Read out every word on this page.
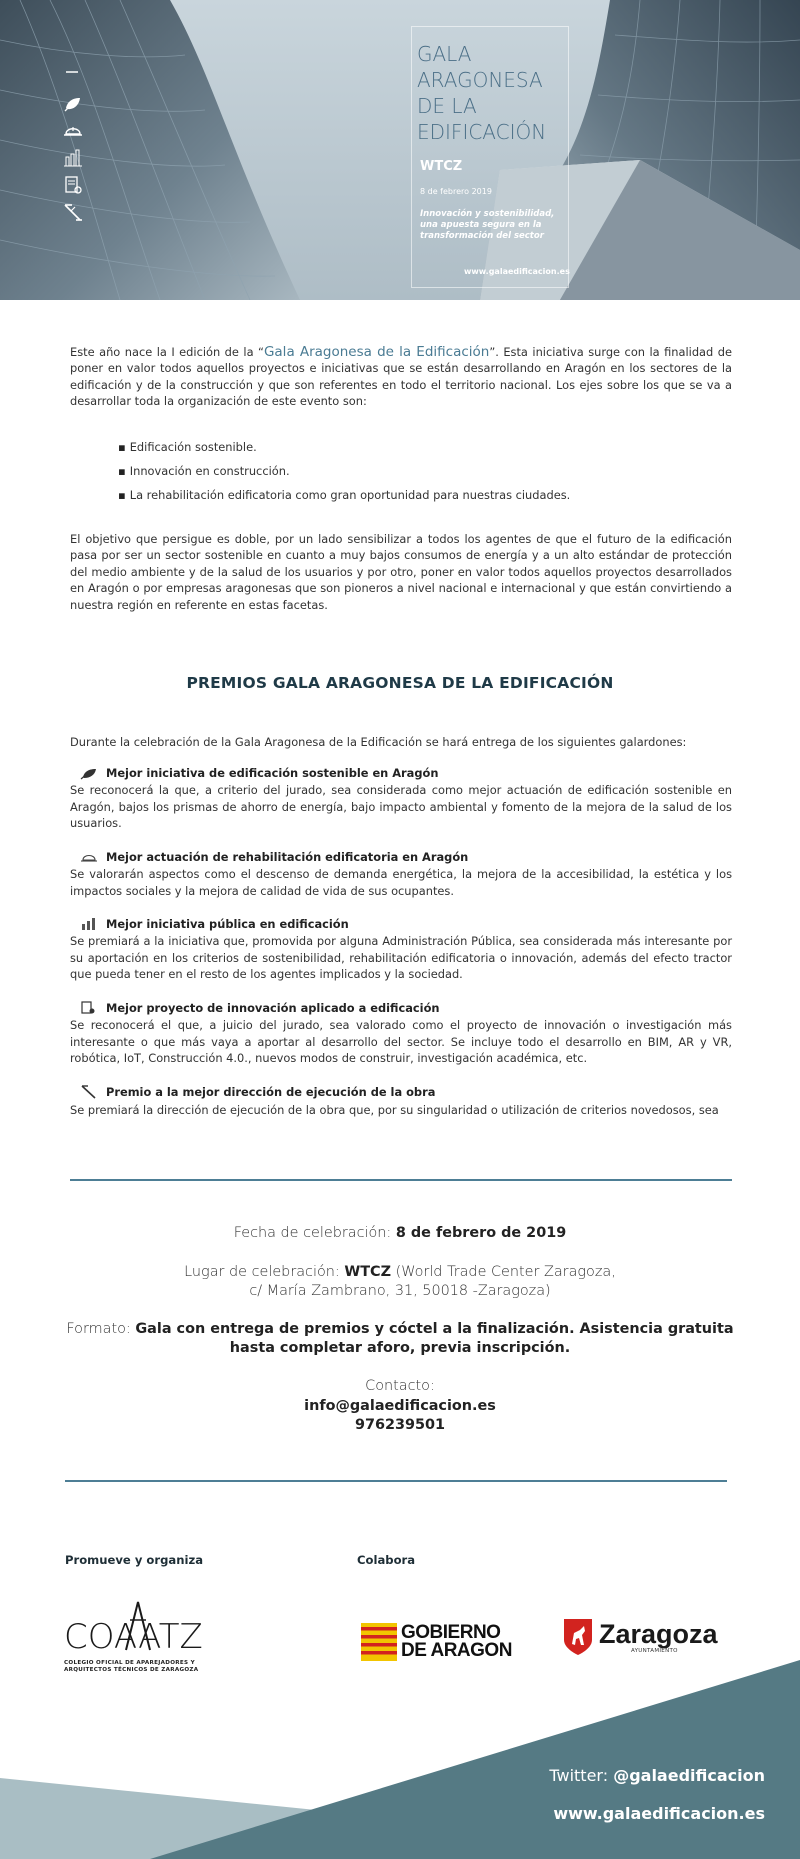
GALA ARAGONESA DE LA EDIFICACIÓN
WTCZ
8 de febrero 2019
Innovación y sostenibilidad, una apuesta segura en la transformación del sector
www.galaedificacion.es
Este año nace la I edición de la “Gala Aragonesa de la Edificación”. Esta iniciativa surge con la finalidad de poner en valor todos aquellos proyectos e iniciativas que se están desarrollando en Aragón en los sectores de la edificación y de la construcción y que son referentes en todo el territorio nacional. Los ejes sobre los que se va a desarrollar toda la organización de este evento son:
▪ Edificación sostenible.
▪ Innovación en construcción.
▪ La rehabilitación edificatoria como gran oportunidad para nuestras ciudades.
El objetivo que persigue es doble, por un lado sensibilizar a todos los agentes de que el futuro de la edificación pasa por ser un sector sostenible en cuanto a muy bajos consumos de energía y a un alto estándar de protección del medio ambiente y de la salud de los usuarios y por otro, poner en valor todos aquellos proyectos desarrollados en Aragón o por empresas aragonesas que son pioneros a nivel nacional e internacional y que están convirtiendo a nuestra región en referente en estas facetas.
PREMIOS GALA ARAGONESA DE LA EDIFICACIÓN
Durante la celebración de la Gala Aragonesa de la Edificación se hará entrega de los siguientes galardones:
Mejor iniciativa de edificación sostenible en Aragón
Se reconocerá la que, a criterio del jurado, sea considerada como mejor actuación de edificación sostenible en Aragón, bajos los prismas de ahorro de energía, bajo impacto ambiental y fomento de la mejora de la salud de los usuarios.
Mejor actuación de rehabilitación edificatoria en Aragón
Se valorarán aspectos como el descenso de demanda energética, la mejora de la accesibilidad, la estética y los impactos sociales y la mejora de calidad de vida de sus ocupantes.
Mejor iniciativa pública en edificación
Se premiará a la iniciativa que, promovida por alguna Administración Pública, sea considerada más interesante por su aportación en los criterios de sostenibilidad, rehabilitación edificatoria o innovación, además del efecto tractor que pueda tener en el resto de los agentes implicados y la sociedad.
Mejor proyecto de innovación aplicado a edificación
Se reconocerá el que, a juicio del jurado, sea valorado como el proyecto de innovación o investigación más interesante o que más vaya a aportar al desarrollo del sector. Se incluye todo el desarrollo en BIM, AR y VR, robótica, IoT, Construcción 4.0., nuevos modos de construir, investigación académica, etc.
Premio a la mejor dirección de ejecución de la obra
Se premiará la dirección de ejecución de la obra que, por su singularidad o utilización de criterios novedosos, sea
Fecha de celebración: 8 de febrero de 2019
Lugar de celebración: WTCZ (World Trade Center Zaragoza,
c/ María Zambrano, 31, 50018 -Zaragoza)
Formato: Gala con entrega de premios y cóctel a la finalización. Asistencia gratuita hasta completar aforo, previa inscripción.
Contacto:
info@galaedificacion.es
976239501
Promueve y organiza	Colabora
COAATZ
COLEGIO OFICIAL DE APAREJADORES Y
ARQUITECTOS TÉCNICOS DE ZARAGOZA
GOBIERNO
DE ARAGON
Zaragoza
AYUNTAMIENTO
Twitter: @galaedificacion
www.galaedificacion.es
